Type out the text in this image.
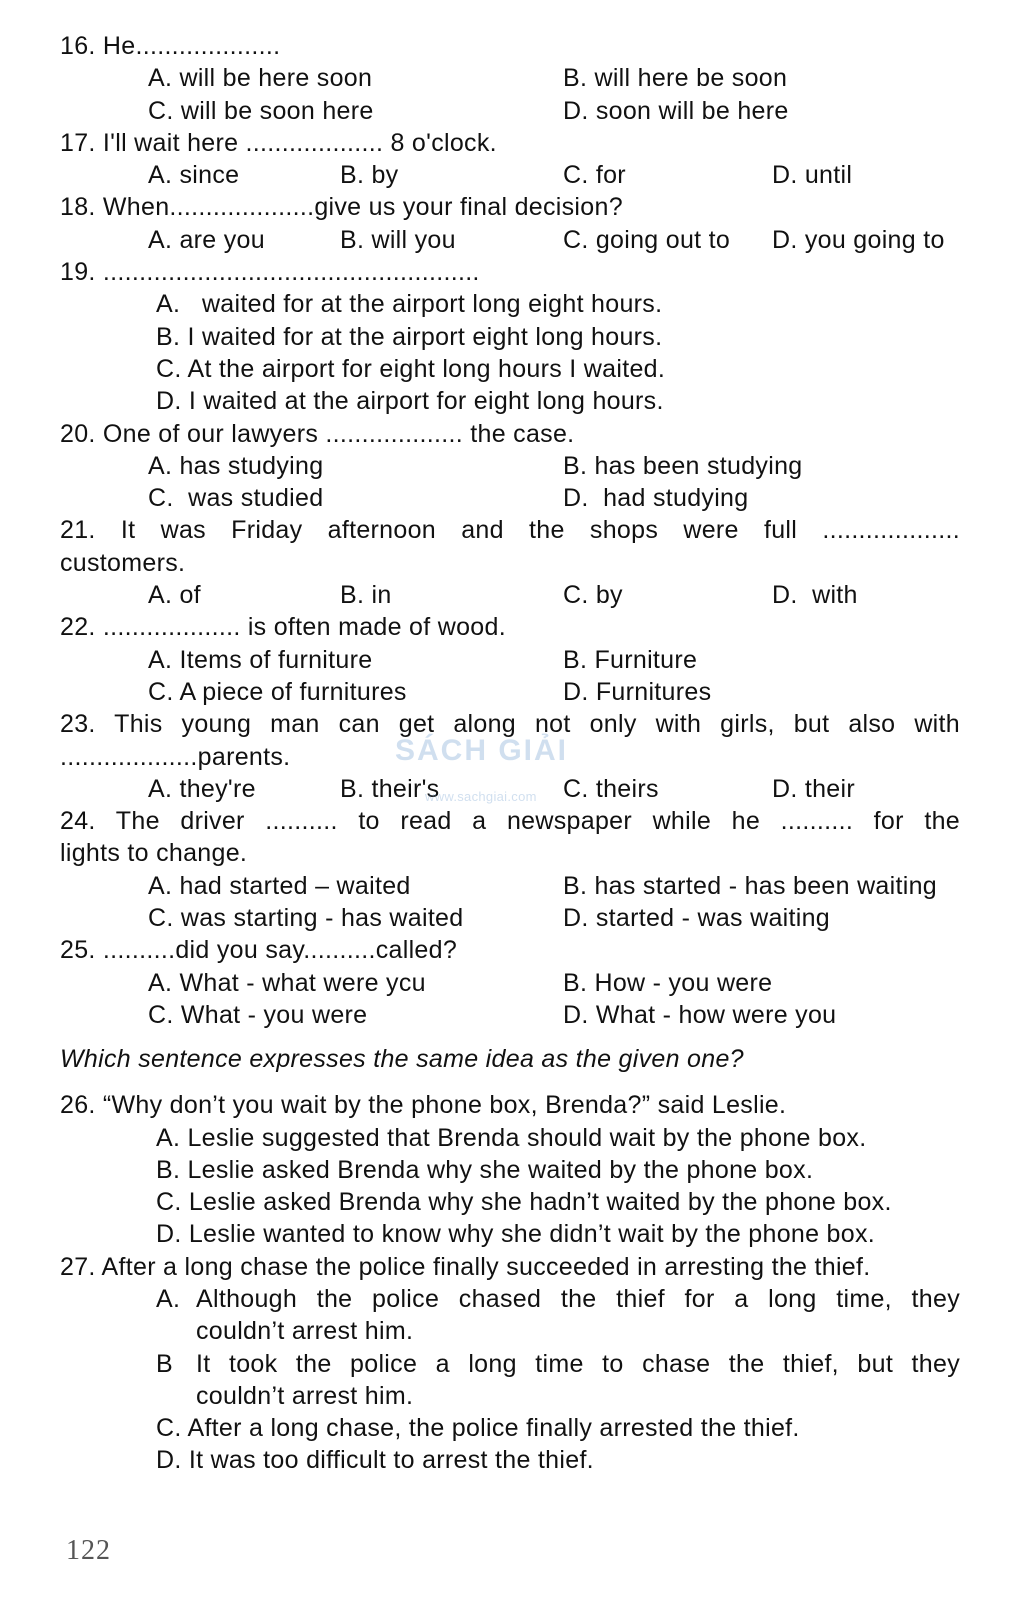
16. He....................
A. will be here soon	B. will here be soon
C. will be soon here	D. soon will be here
17. I'll wait here ................... 8 o'clock.
A. since	B. by	C. for	D. until
18. When....................give us your final decision?
A. are you	B. will you	C. going out to D. you going to
19. ....................................................
A.   waited for at the airport long eight hours.
B. I waited for at the airport eight long hours.
C. At the airport for eight long hours I waited.
D. I waited at the airport for eight long hours.
20. One of our lawyers ................... the case.
A. has studying	B. has been studying
C.  was studied	D.  had studying
21. It was Friday afternoon and the shops were full ...................
customers.
A. of	B. in	C. by	D.  with
22. ................... is often made of wood.
A. Items of furniture	B. Furniture
C. A piece of furnitures	D. Furnitures
23. This young man can get along not only with girls, but also with
...................parents.
A. they're	B. their's	C. theirs	D. their
24. The driver .......... to read a newspaper while he .......... for the
lights to change.
A. had started – waited	B. has started - has been waiting
C. was starting - has waited	D. started - was waiting
25. ..........did you say..........called?
A. What - what were ycu	B. How - you were
C. What - you were	D. What - how were you
Which sentence expresses the same idea as the given one?
26. “Why don’t you wait by the phone box, Brenda?” said Leslie.
A. Leslie suggested that Brenda should wait by the phone box.
B. Leslie asked Brenda why she waited by the phone box.
C. Leslie asked Brenda why she hadn’t waited by the phone box.
D. Leslie wanted to know why she didn’t wait by the phone box.
27. After a long chase the police finally succeeded in arresting the thief.
A. Although the police chased the thief for a long time, they
couldn’t arrest him.
B It took the police a long time to chase the thief, but they
couldn’t arrest him.
C. After a long chase, the police finally arrested the thief.
D. It was too difficult to arrest the thief.
SÁCH GIẢI
www.sachgiai.com
122
